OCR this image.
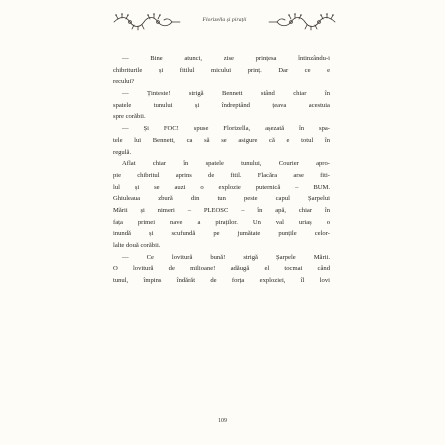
Florizella și pirații
— Bine atunci, zise prințesa întinzându-i
chibriturile și fitilul micului prinț. Dar ce e
recului?
— Ținteste! strigă Bennett stând chiar în
spatele tunului și îndreptând țeava acestuia
spre corăbii.
— Și FOC! spuse Florizella, așezată în spa-
tele lui Bennett, ca să se asigure că e totul în
regulă.
Aflat chiar în spatele tunului, Courier apro-
pie chibritul aprins de fitil. Flacăra arse fiti-
lul și se auzi o explozie puternică – BUM.
Ghiuleaua zbură din tun peste capul Șarpelui
Mării și nimeri – PLEOSC – în apă, chiar în
fața primei nave a piraților. Un val uriaș o
inundă și scufundă pe jumătate punțile celor-
lalte două corăbii.
— Ce lovitură bună! strigă Șarpele Mării.
O lovitură de milioane! adăugă el tocmai când
tunul, împins îndărăt de forța exploziei, îl lovi
109
